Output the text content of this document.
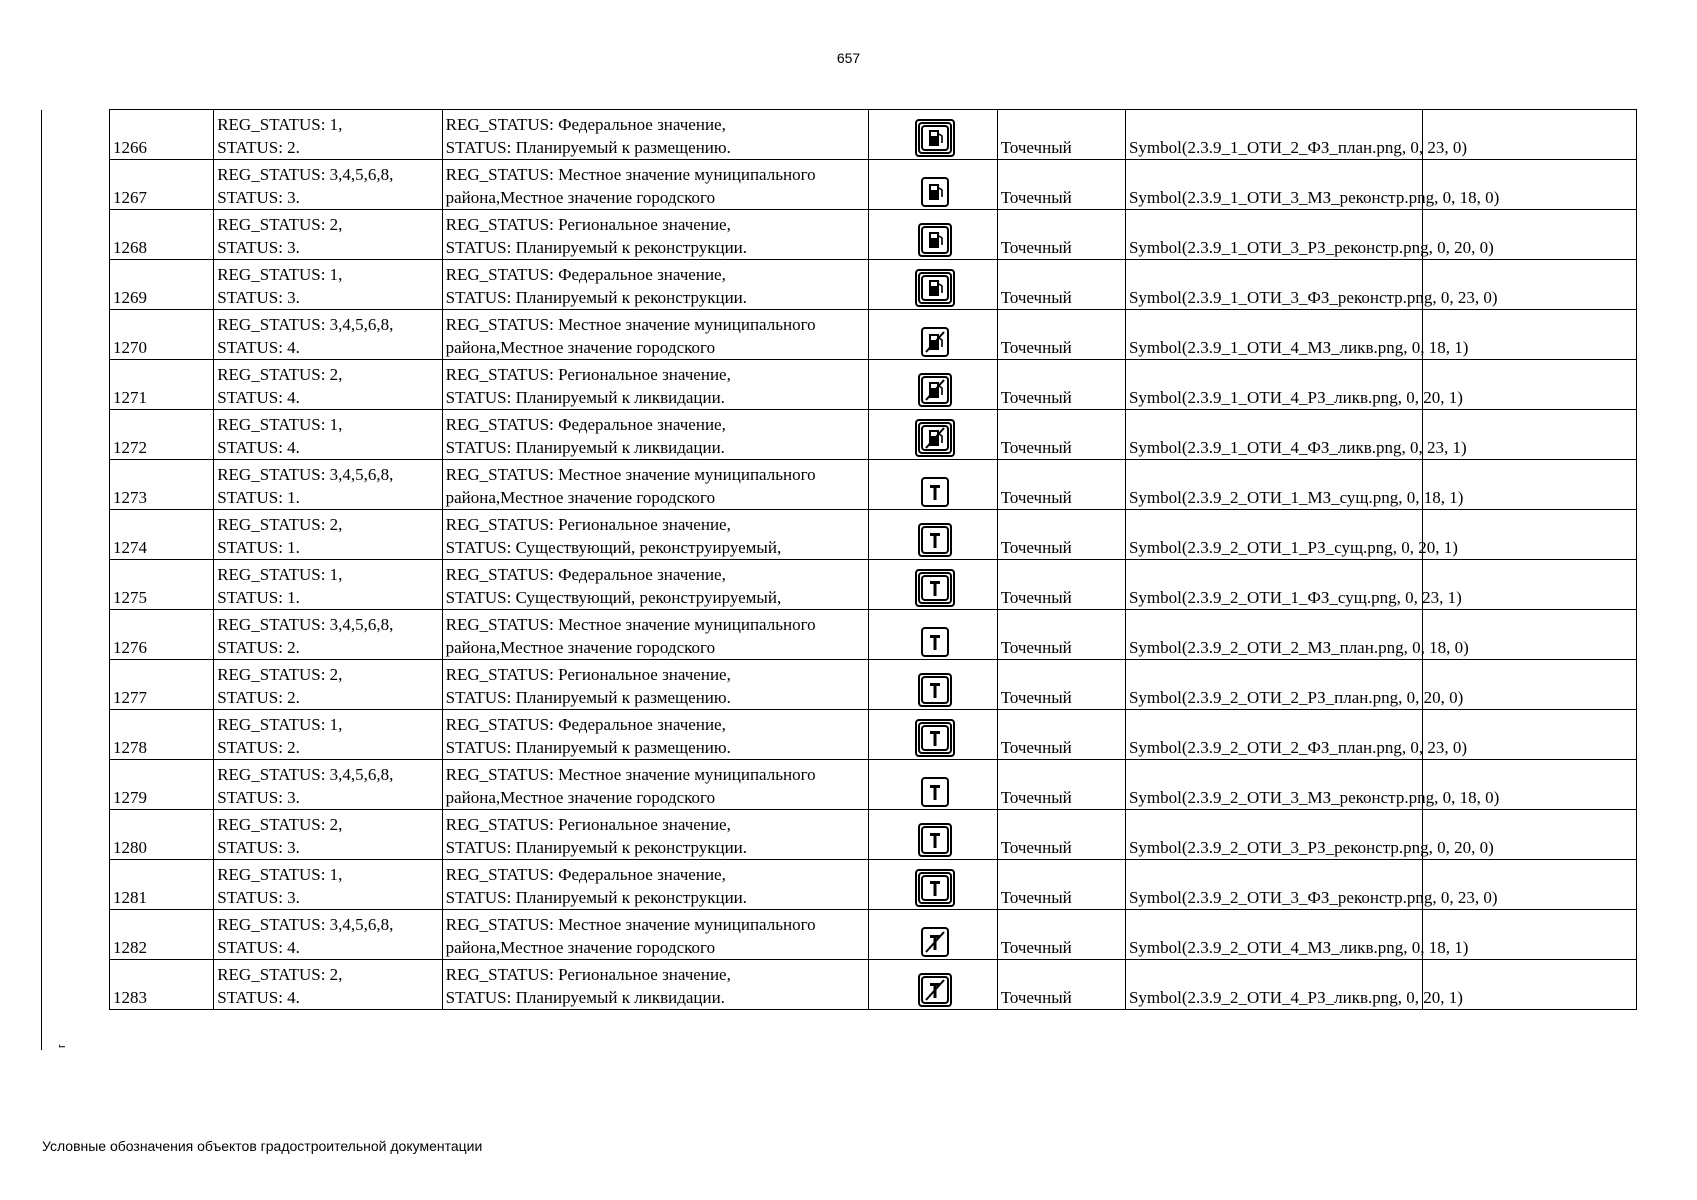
657
г
1266	REG_STATUS: 1,
STATUS: 2.	REG_STATUS: Федеральное значение,
STATUS: Планируемый к размещению.		Точечный	Symbol(2.3.9_1_ОТИ_2_ФЗ_план.png, 0, 23, 0)	

1267	REG_STATUS: 3,4,5,6,8,
STATUS: 3.	REG_STATUS: Местное значение муниципального
района,Местное значение городского		Точечный	Symbol(2.3.9_1_ОТИ_3_МЗ_реконстр.png, 0, 18, 0)	

1268	REG_STATUS: 2,
STATUS: 3.	REG_STATUS: Региональное значение,
STATUS: Планируемый к реконструкции.		Точечный	Symbol(2.3.9_1_ОТИ_3_РЗ_реконстр.png, 0, 20, 0)	

1269	REG_STATUS: 1,
STATUS: 3.	REG_STATUS: Федеральное значение,
STATUS: Планируемый к реконструкции.		Точечный	Symbol(2.3.9_1_ОТИ_3_ФЗ_реконстр.png, 0, 23, 0)	

1270	REG_STATUS: 3,4,5,6,8,
STATUS: 4.	REG_STATUS: Местное значение муниципального
района,Местное значение городского		Точечный	Symbol(2.3.9_1_ОТИ_4_МЗ_ликв.png, 0, 18, 1)	

1271	REG_STATUS: 2,
STATUS: 4.	REG_STATUS: Региональное значение,
STATUS: Планируемый к ликвидации.		Точечный	Symbol(2.3.9_1_ОТИ_4_РЗ_ликв.png, 0, 20, 1)	

1272	REG_STATUS: 1,
STATUS: 4.	REG_STATUS: Федеральное значение,
STATUS: Планируемый к ликвидации.		Точечный	Symbol(2.3.9_1_ОТИ_4_ФЗ_ликв.png, 0, 23, 1)	

1273	REG_STATUS: 3,4,5,6,8,
STATUS: 1.	REG_STATUS: Местное значение муниципального
района,Местное значение городского		Точечный	Symbol(2.3.9_2_ОТИ_1_МЗ_сущ.png, 0, 18, 1)	

1274	REG_STATUS: 2,
STATUS: 1.	REG_STATUS: Региональное значение,
STATUS: Существующий, реконструируемый,		Точечный	Symbol(2.3.9_2_ОТИ_1_РЗ_сущ.png, 0, 20, 1)	

1275	REG_STATUS: 1,
STATUS: 1.	REG_STATUS: Федеральное значение,
STATUS: Существующий, реконструируемый,		Точечный	Symbol(2.3.9_2_ОТИ_1_ФЗ_сущ.png, 0, 23, 1)	

1276	REG_STATUS: 3,4,5,6,8,
STATUS: 2.	REG_STATUS: Местное значение муниципального
района,Местное значение городского		Точечный	Symbol(2.3.9_2_ОТИ_2_МЗ_план.png, 0, 18, 0)	

1277	REG_STATUS: 2,
STATUS: 2.	REG_STATUS: Региональное значение,
STATUS: Планируемый к размещению.		Точечный	Symbol(2.3.9_2_ОТИ_2_РЗ_план.png, 0, 20, 0)	

1278	REG_STATUS: 1,
STATUS: 2.	REG_STATUS: Федеральное значение,
STATUS: Планируемый к размещению.		Точечный	Symbol(2.3.9_2_ОТИ_2_ФЗ_план.png, 0, 23, 0)	

1279	REG_STATUS: 3,4,5,6,8,
STATUS: 3.	REG_STATUS: Местное значение муниципального
района,Местное значение городского		Точечный	Symbol(2.3.9_2_ОТИ_3_МЗ_реконстр.png, 0, 18, 0)	

1280	REG_STATUS: 2,
STATUS: 3.	REG_STATUS: Региональное значение,
STATUS: Планируемый к реконструкции.		Точечный	Symbol(2.3.9_2_ОТИ_3_РЗ_реконстр.png, 0, 20, 0)	

1281	REG_STATUS: 1,
STATUS: 3.	REG_STATUS: Федеральное значение,
STATUS: Планируемый к реконструкции.		Точечный	Symbol(2.3.9_2_ОТИ_3_ФЗ_реконстр.png, 0, 23, 0)	

1282	REG_STATUS: 3,4,5,6,8,
STATUS: 4.	REG_STATUS: Местное значение муниципального
района,Местное значение городского		Точечный	Symbol(2.3.9_2_ОТИ_4_МЗ_ликв.png, 0, 18, 1)	

1283	REG_STATUS: 2,
STATUS: 4.	REG_STATUS: Региональное значение,
STATUS: Планируемый к ликвидации.		Точечный	Symbol(2.3.9_2_ОТИ_4_РЗ_ликв.png, 0, 20, 1)	

Условные обозначения объектов градостроительной документации
